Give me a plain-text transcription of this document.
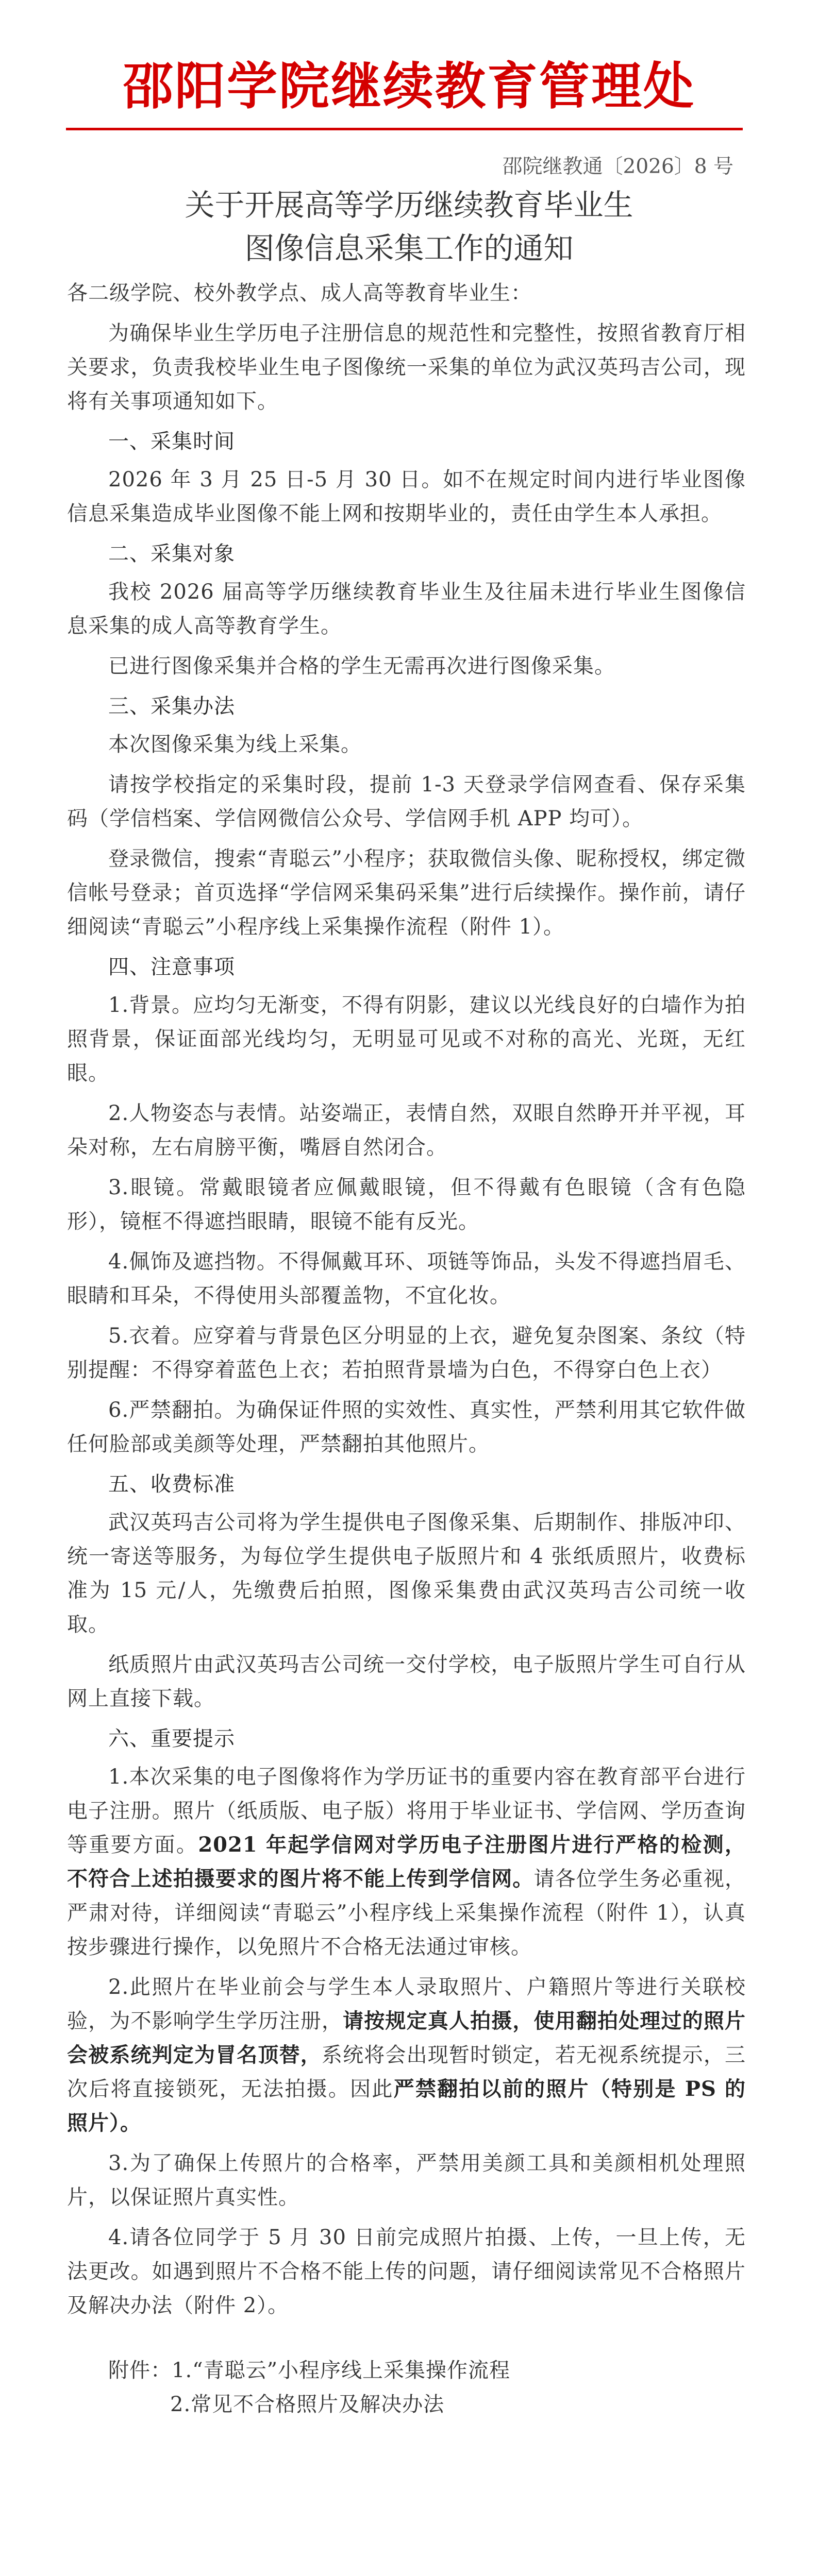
邵阳学院继续教育管理处
邵院继教通〔2026〕8 号
关于开展高等学历继续教育毕业生
图像信息采集工作的通知

各二级学院、校外教学点、成人高等教育毕业生：

为确保毕业生学历电子注册信息的规范性和完整性，按照省教育厅相关要求，负责我校毕业生电子图像统一采集的单位为武汉英玛吉公司，现将有关事项通知如下。

一、采集时间

2026 年 3 月 25 日-5 月 30 日。如不在规定时间内进行毕业图像信息采集造成毕业图像不能上网和按期毕业的，责任由学生本人承担。

二、采集对象

我校 2026 届高等学历继续教育毕业生及往届未进行毕业生图像信息采集的成人高等教育学生。

已进行图像采集并合格的学生无需再次进行图像采集。

三、采集办法

本次图像采集为线上采集。

请按学校指定的采集时段，提前 1-3 天登录学信网查看、保存采集码（学信档案、学信网微信公众号、学信网手机 APP 均可）。

登录微信，搜索“青聪云”小程序；获取微信头像、昵称授权，绑定微信帐号登录；首页选择“学信网采集码采集”进行后续操作。操作前，请仔细阅读“青聪云”小程序线上采集操作流程（附件 1）。

四、注意事项

1.背景。应均匀无渐变，不得有阴影，建议以光线良好的白墙作为拍照背景，保证面部光线均匀，无明显可见或不对称的高光、光斑，无红眼。

2.人物姿态与表情。站姿端正，表情自然，双眼自然睁开并平视，耳朵对称，左右肩膀平衡，嘴唇自然闭合。

3.眼镜。常戴眼镜者应佩戴眼镜，但不得戴有色眼镜（含有色隐形），镜框不得遮挡眼睛，眼镜不能有反光。

4.佩饰及遮挡物。不得佩戴耳环、项链等饰品，头发不得遮挡眉毛、眼睛和耳朵，不得使用头部覆盖物，不宜化妆。

5.衣着。应穿着与背景色区分明显的上衣，避免复杂图案、条纹（特别提醒：不得穿着蓝色上衣；若拍照背景墙为白色，不得穿白色上衣）

6.严禁翻拍。为确保证件照的实效性、真实性，严禁利用其它软件做任何脸部或美颜等处理，严禁翻拍其他照片。

五、收费标准

武汉英玛吉公司将为学生提供电子图像采集、后期制作、排版冲印、统一寄送等服务，为每位学生提供电子版照片和 4 张纸质照片，收费标准为 15 元/人，先缴费后拍照，图像采集费由武汉英玛吉公司统一收取。

纸质照片由武汉英玛吉公司统一交付学校，电子版照片学生可自行从网上直接下载。

六、重要提示

1.本次采集的电子图像将作为学历证书的重要内容在教育部平台进行电子注册。照片（纸质版、电子版）将用于毕业证书、学信网、学历查询等重要方面。2021 年起学信网对学历电子注册图片进行严格的检测，不符合上述拍摄要求的图片将不能上传到学信网。请各位学生务必重视，严肃对待，详细阅读“青聪云”小程序线上采集操作流程（附件 1），认真按步骤进行操作，以免照片不合格无法通过审核。

2.此照片在毕业前会与学生本人录取照片、户籍照片等进行关联校验，为不影响学生学历注册，请按规定真人拍摄，使用翻拍处理过的照片会被系统判定为冒名顶替，系统将会出现暂时锁定，若无视系统提示，三次后将直接锁死，无法拍摄。因此严禁翻拍以前的照片（特别是 PS 的照片）。

3.为了确保上传照片的合格率，严禁用美颜工具和美颜相机处理照片，以保证照片真实性。

4.请各位同学于 5 月 30 日前完成照片拍摄、上传，一旦上传，无法更改。如遇到照片不合格不能上传的问题，请仔细阅读常见不合格照片及解决办法（附件 2）。

附件：1.“青聪云”小程序线上采集操作流程
2.常见不合格照片及解决办法
